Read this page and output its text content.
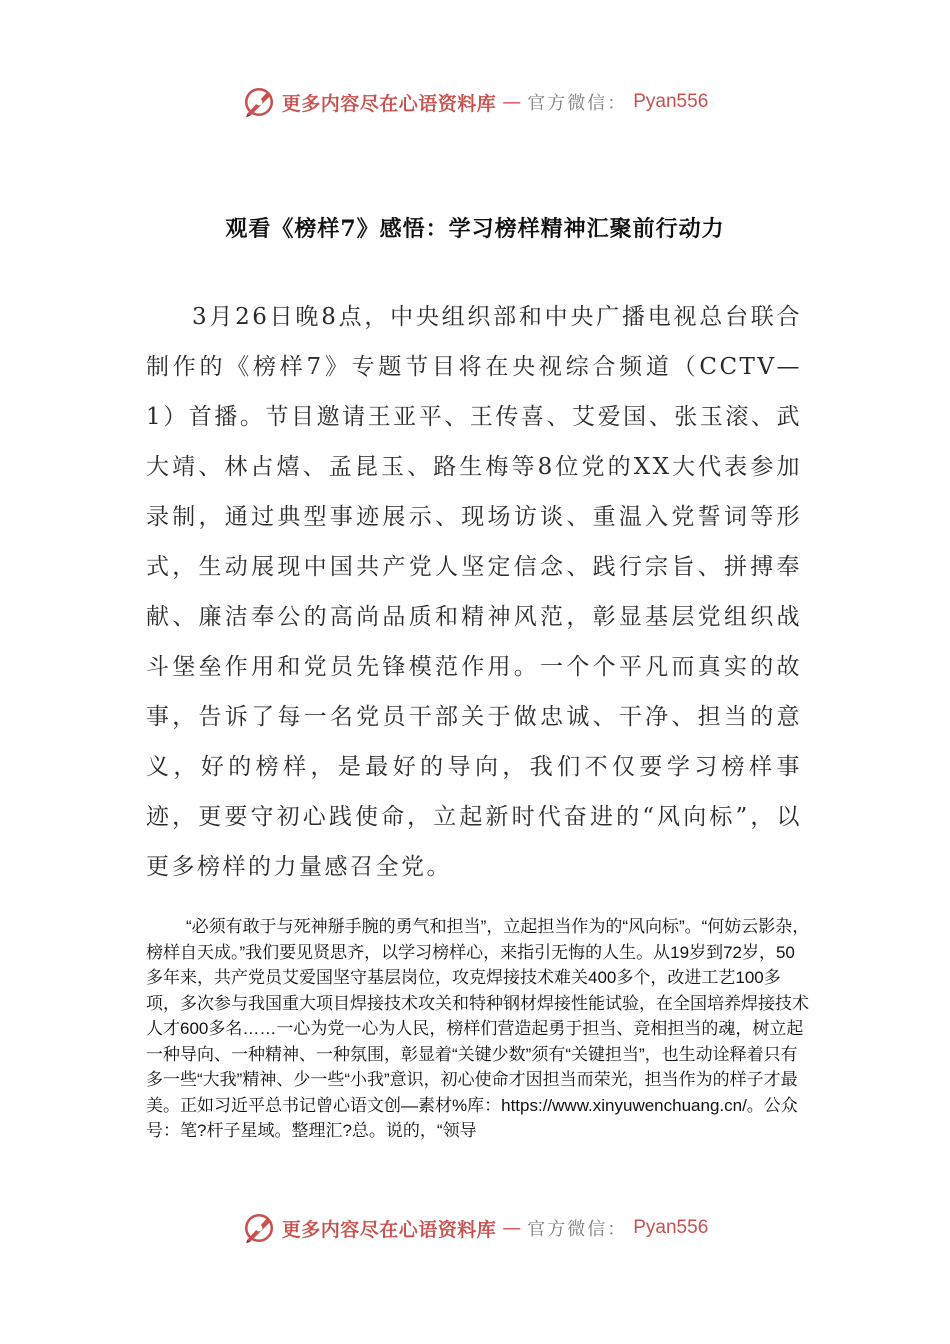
更多内容尽在心语资料库 — 官方微信： Pyan556
观看《榜样7》感悟：学习榜样精神汇聚前行动力

3月26日晚8点，中央组织部和中央广播电视总台联合制作的《榜样7》专题节目将在央视综合频道（CCTV—1）首播。节目邀请王亚平、王传喜、艾爱国、张玉滚、武大靖、林占熺、孟昆玉、路生梅等8位党的XX大代表参加录制，通过典型事迹展示、现场访谈、重温入党誓词等形式，生动展现中国共产党人坚定信念、践行宗旨、拼搏奉献、廉洁奉公的高尚品质和精神风范，彰显基层党组织战斗堡垒作用和党员先锋模范作用。一个个平凡而真实的故事，告诉了每一名党员干部关于做忠诚、干净、担当的意义，好的榜样，是最好的导向，我们不仅要学习榜样事迹，更要守初心践使命，立起新时代奋进的“风向标”，以更多榜样的力量感召全党。

“必须有敢于与死神掰手腕的勇气和担当”，立起担当作为的“风向标”。“何妨云影杂，榜样自天成。”我们要见贤思齐，以学习榜样心，来指引无悔的人生。从19岁到72岁，50多年来，共产党员艾爱国坚守基层岗位，攻克焊接技术难关400多个，改进工艺100多项，多次参与我国重大项目焊接技术攻关和特种钢材焊接性能试验，在全国培养焊接技术人才600多名……一心为党一心为人民，榜样们营造起勇于担当、竞相担当的魂，树立起一种导向、一种精神、一种氛围，彰显着“关键少数”须有“关键担当”，也生动诠释着只有多一些“大我”精神、少一些“小我”意识，初心使命才因担当而荣光，担当作为的样子才最美。正如习近平总书记曾心语文创—素材%库：https://www.xinyuwenchuang.cn/。公众号：笔?杆子星域。整理汇?总。说的，“领导

更多内容尽在心语资料库 — 官方微信： Pyan556
